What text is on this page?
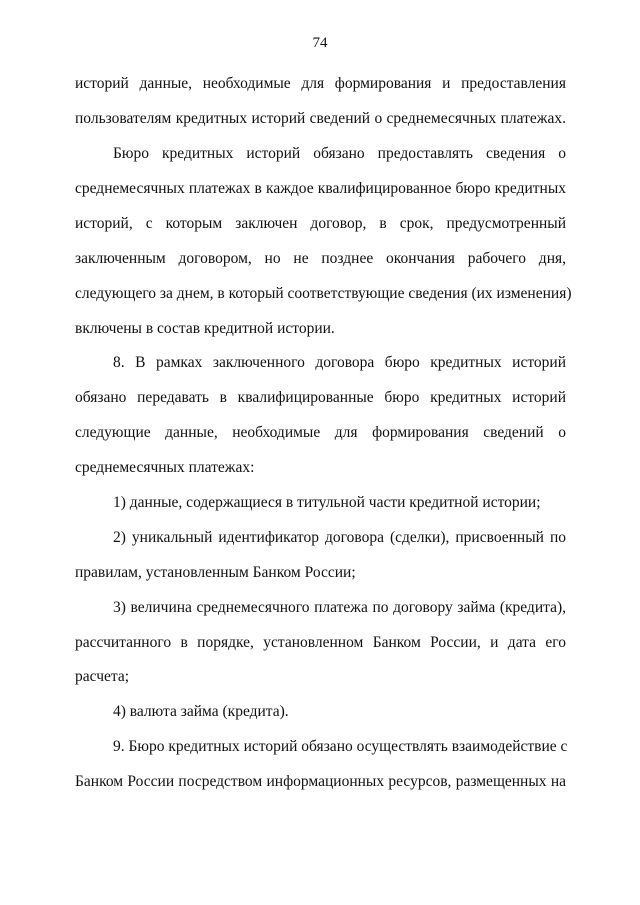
74
историй данные, необходимые для формирования и предоставления
пользователям кредитных историй сведений о среднемесячных платежах.
Бюро кредитных историй обязано предоставлять сведения о
среднемесячных платежах в каждое квалифицированное бюро кредитных
историй, с которым заключен договор, в срок, предусмотренный
заключенным договором, но не позднее окончания рабочего дня,
следующего за днем, в который соответствующие сведения (их изменения)
включены в состав кредитной истории.
8. В рамках заключенного договора бюро кредитных историй
обязано передавать в квалифицированные бюро кредитных историй
следующие данные, необходимые для формирования сведений о
среднемесячных платежах:
1) данные, содержащиеся в титульной части кредитной истории;
2) уникальный идентификатор договора (сделки), присвоенный по
правилам, установленным Банком России;
3) величина среднемесячного платежа по договору займа (кредита),
рассчитанного в порядке, установленном Банком России, и дата его
расчета;
4) валюта займа (кредита).
9. Бюро кредитных историй обязано осуществлять взаимодействие с
Банком России посредством информационных ресурсов, размещенных на
